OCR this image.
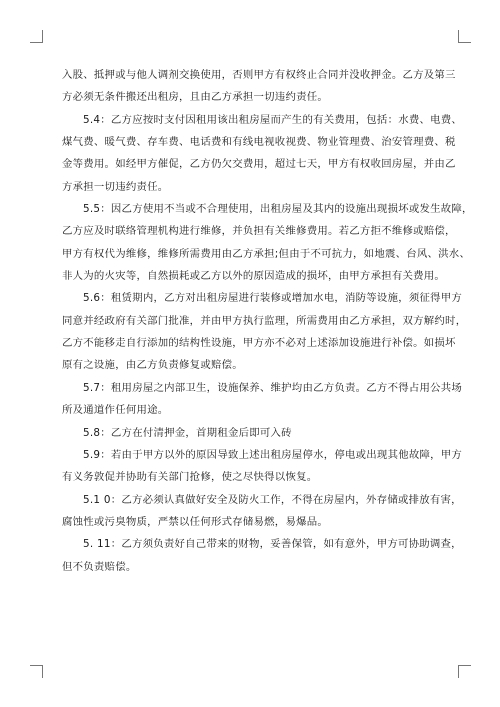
入股、抵押或与他人调剂交换使用，否则甲方有权终止合同并没收押金。乙方及第三
方必须无条件搬还出租房，且由乙方承担一切违约责任。

5.4：乙方应按时支付因租用该出租房屋而产生的有关费用，包括：水费、电费、
煤气费、暖气费、存车费、电话费和有线电视收视费、物业管理费、治安管理费、税
金等费用。如经甲方催促，乙方仍欠交费用，超过七天，甲方有权收回房屋，并由乙
方承担一切违约责任。

5.5：因乙方使用不当或不合理使用，出租房屋及其内的设施出现损坏或发生故障，
乙方应及时联络管理机构进行维修，并负担有关维修费用。若乙方拒不维修或赔偿，
甲方有权代为维修，维修所需费用由乙方承担;但由于不可抗力，如地震、台风、洪水、
非人为的火灾等，自然损耗或乙方以外的原因造成的损坏，由甲方承担有关费用。

5.6：租赁期内，乙方对出租房屋进行装修或增加水电，消防等设施，须征得甲方
同意并经政府有关部门批准，并由甲方执行监理，所需费用由乙方承担，双方解约时，
乙方不能移走自行添加的结构性设施，甲方亦不必对上述添加设施进行补偿。如损坏
原有之设施，由乙方负责修复或赔偿。

5.7：租用房屋之内部卫生，设施保养、维护均由乙方负责。乙方不得占用公共场
所及通道作任何用途。

5.8：乙方在付清押金，首期租金后即可入砖

5.9：若由于甲方以外的原因导致上述出租房屋停水，停电或出现其他故障，甲方
有义务敦促并协助有关部门抢修，使之尽快得以恢复。

5.1 0：乙方必须认真做好安全及防火工作，不得在房屋内，外存储或排放有害，
腐蚀性或污臭物质，严禁以任何形式存储易燃，易爆品。

5. 11：乙方须负责好自己带来的财物，妥善保管，如有意外，甲方可协助调查，
但不负责赔偿。
